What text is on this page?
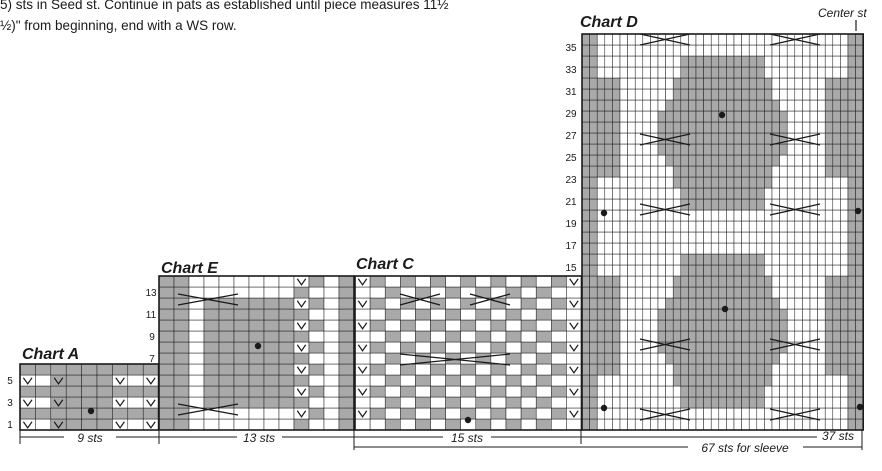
5) sts in Seed st. Continue in pats as established until piece measures 11½
½)" from beginning, end with a WS row.
Chart A
Chart E	Chart C
Chart D
Center st
1
3
5
7
9
11
13
15
17
19
21
23
25
27
29
31
33
35
9 sts	13 sts	15 sts	37 sts
67 sts for sleeve
